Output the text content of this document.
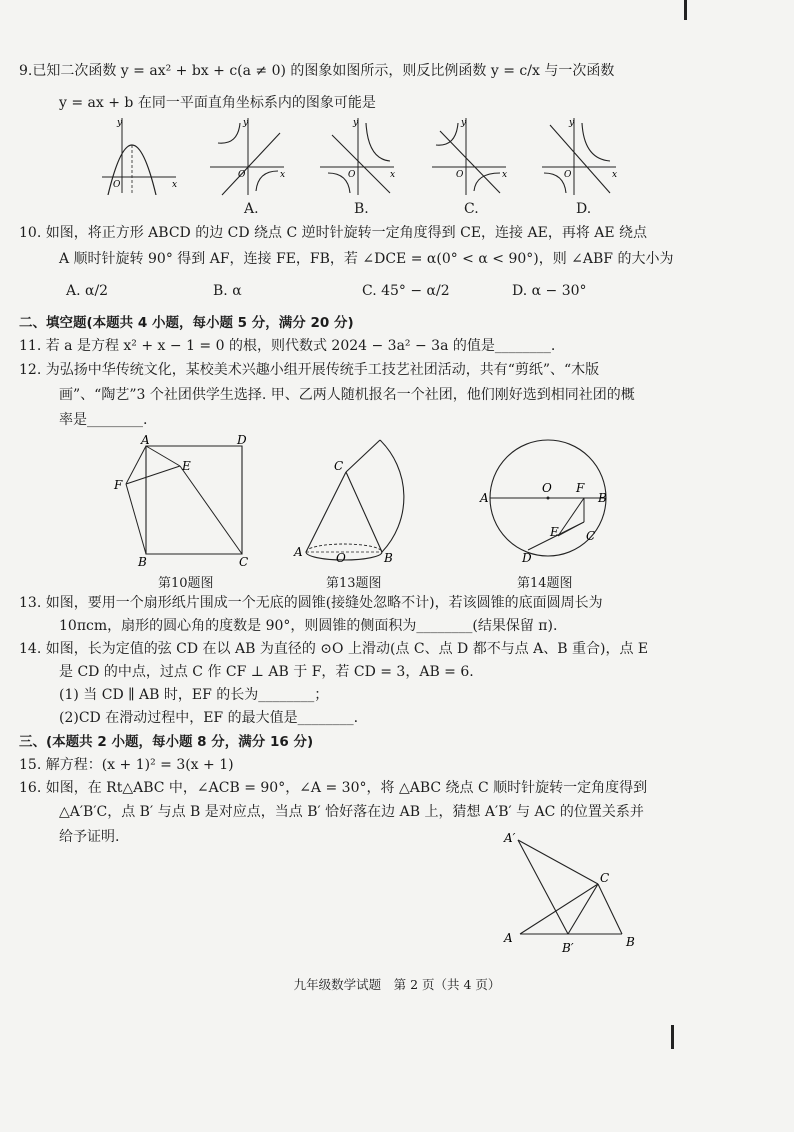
9.已知二次函数 y = ax² + bx + c(a ≠ 0) 的图象如图所示，则反比例函数 y = c/x 与一次函数
y = ax + b 在同一平面直角坐标系内的图象可能是
y
x
O
y
x
O
A.
y
x
O
B.
y
x
O
C.
y
x
O
D.
10. 如图，将正方形 ABCD 的边 CD 绕点 C 逆时针旋转一定角度得到 CE，连接 AE，再将 AE 绕点
A 顺时针旋转 90° 得到 AF，连接 FE，FB，若 ∠DCE = α(0° < α < 90°)，则 ∠ABF 的大小为
A. α/2	B. α	C. 45° − α/2	D. α − 30°
二、填空题(本题共 4 小题，每小题 5 分，满分 20 分)
11. 若 a 是方程 x² + x − 1 = 0 的根，则代数式 2024 − 3a² − 3a 的值是________.
12. 为弘扬中华传统文化，某校美术兴趣小组开展传统手工技艺社团活动，共有“剪纸”、“木版
画”、“陶艺”3 个社团供学生选择. 甲、乙两人随机报名一个社团，他们刚好选到相同社团的概
率是________.
A	D
E
F
B	C
第10题图
C
A	O	B
第13题图
A
O F
B
E C
D
第14题图
13. 如图，要用一个扇形纸片围成一个无底的圆锥(接缝处忽略不计)，若该圆锥的底面圆周长为
10πcm，扇形的圆心角的度数是 90°，则圆锥的侧面积为________(结果保留 π).
14. 如图，长为定值的弦 CD 在以 AB 为直径的 ⊙O 上滑动(点 C、点 D 都不与点 A、B 重合)，点 E
是 CD 的中点，过点 C 作 CF ⊥ AB 于 F，若 CD = 3，AB = 6.
(1) 当 CD ∥ AB 时，EF 的长为________；
(2)CD 在滑动过程中，EF 的最大值是________.
三、(本题共 2 小题，每小题 8 分，满分 16 分)
15. 解方程：(x + 1)² = 3(x + 1)
16. 如图，在 Rt△ABC 中，∠ACB = 90°，∠A = 30°，将 △ABC 绕点 C 顺时针旋转一定角度得到
△A′B′C，点 B′ 与点 B 是对应点，当点 B′ 恰好落在边 AB 上，猜想 A′B′ 与 AC 的位置关系并
给予证明.	A′
C
A
B′	B
九年级数学试题　第 2 页（共 4 页）
